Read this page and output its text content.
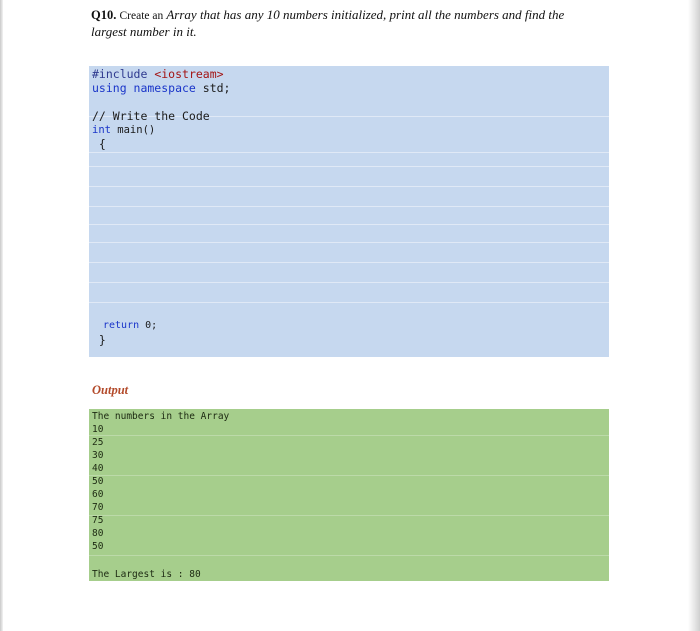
Q10. Create an Array that has any 10 numbers initialized, print all the numbers and find the
largest number in it.
#include <iostream>
using namespace std;
// Write the Code
int main()
{
return 0;
}
Output
The numbers in the Array
10
25
30
40
50
60
70
75
80
50
The Largest is : 80
